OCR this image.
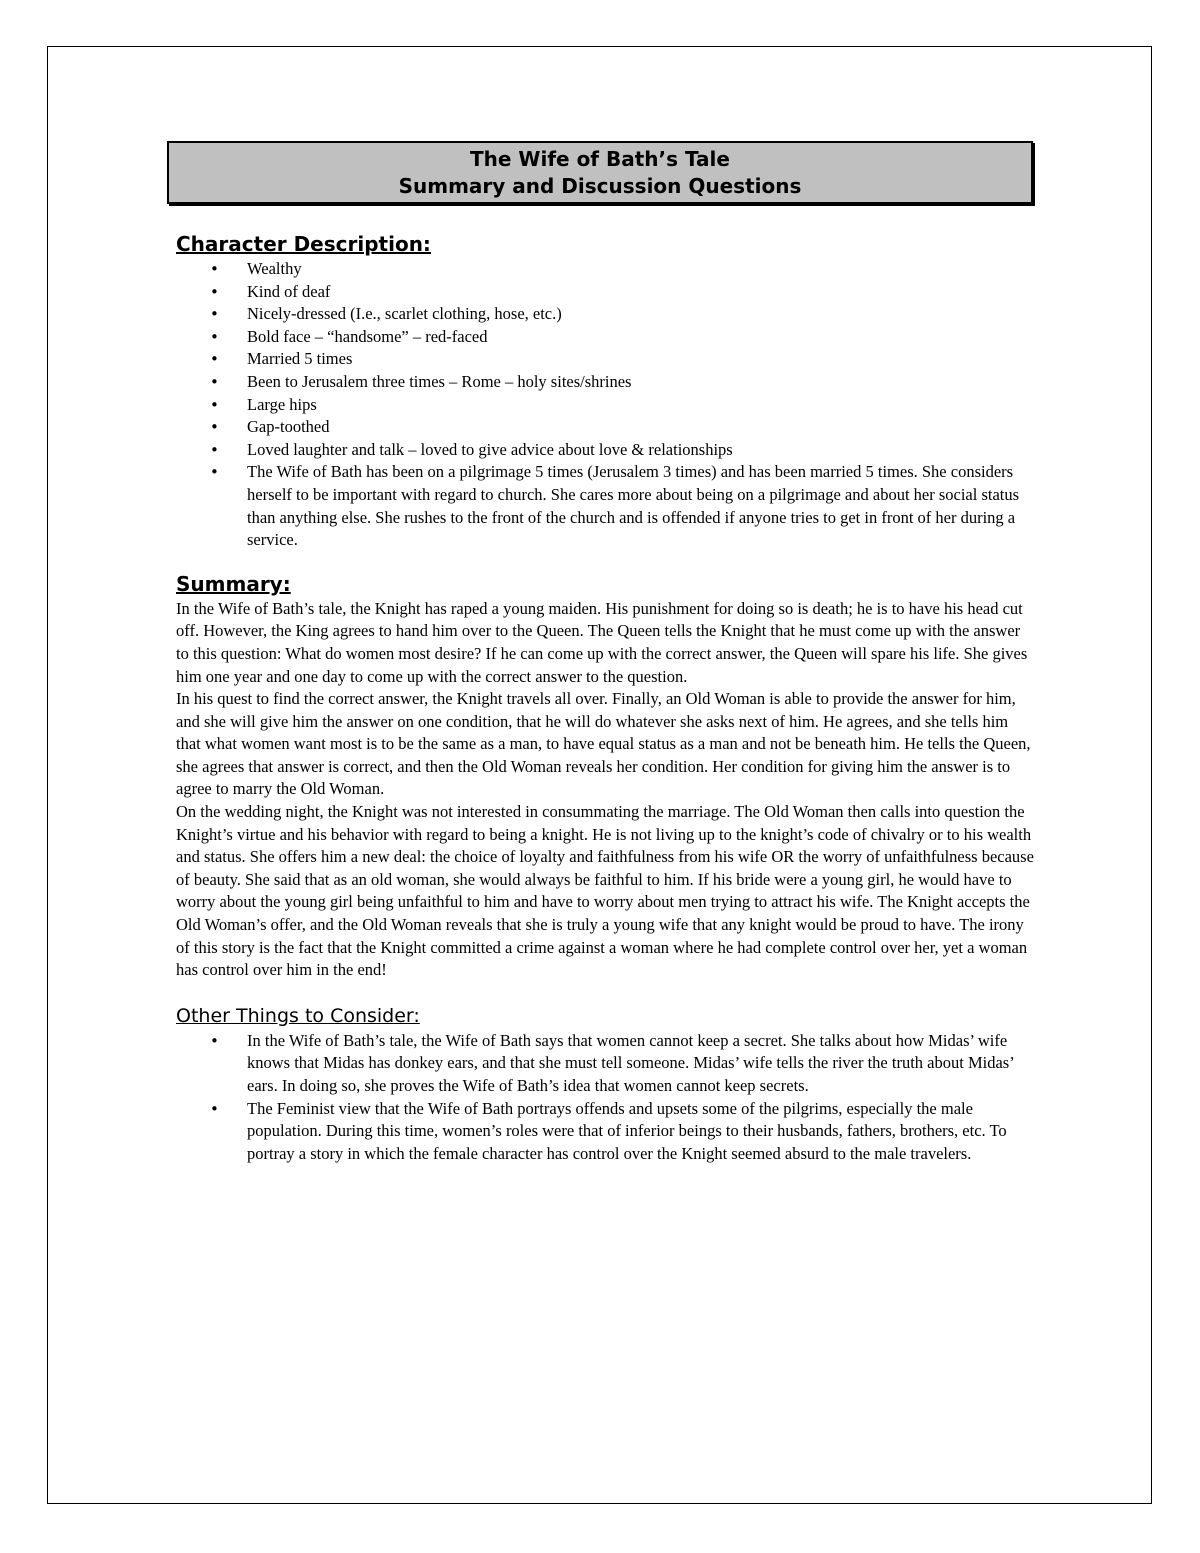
The Wife of Bath’s Tale
Summary and Discussion Questions
Character Description:
• Wealthy
• Kind of deaf
• Nicely-dressed (I.e., scarlet clothing, hose, etc.)
• Bold face – “handsome” – red-faced
• Married 5 times
• Been to Jerusalem three times – Rome – holy sites/shrines
• Large hips
• Gap-toothed
• Loved laughter and talk – loved to give advice about love & relationships
• The Wife of Bath has been on a pilgrimage 5 times (Jerusalem 3 times) and has been married 5 times. She considers herself to be important with regard to church. She cares more about being on a pilgrimage and about her social status than anything else. She rushes to the front of the church and is offended if anyone tries to get in front of her during a service.
Summary:

In the Wife of Bath’s tale, the Knight has raped a young maiden. His punishment for doing so is death; he is to have his head cut off. However, the King agrees to hand him over to the Queen. The Queen tells the Knight that he must come up with the answer to this question: What do women most desire? If he can come up with the correct answer, the Queen will spare his life. She gives him one year and one day to come up with the correct answer to the question.

In his quest to find the correct answer, the Knight travels all over. Finally, an Old Woman is able to provide the answer for him, and she will give him the answer on one condition, that he will do whatever she asks next of him. He agrees, and she tells him that what women want most is to be the same as a man, to have equal status as a man and not be beneath him. He tells the Queen, she agrees that answer is correct, and then the Old Woman reveals her condition. Her condition for giving him the answer is to agree to marry the Old Woman.

On the wedding night, the Knight was not interested in consummating the marriage. The Old Woman then calls into question the Knight’s virtue and his behavior with regard to being a knight. He is not living up to the knight’s code of chivalry or to his wealth and status. She offers him a new deal: the choice of loyalty and faithfulness from his wife OR the worry of unfaithfulness because of beauty. She said that as an old woman, she would always be faithful to him. If his bride were a young girl, he would have to worry about the young girl being unfaithful to him and have to worry about men trying to attract his wife. The Knight accepts the Old Woman’s offer, and the Old Woman reveals that she is truly a young wife that any knight would be proud to have. The irony of this story is the fact that the Knight committed a crime against a woman where he had complete control over her, yet a woman has control over him in the end!

Other Things to Consider:
• In the Wife of Bath’s tale, the Wife of Bath says that women cannot keep a secret. She talks about how Midas’ wife knows that Midas has donkey ears, and that she must tell someone. Midas’ wife tells the river the truth about Midas’ ears. In doing so, she proves the Wife of Bath’s idea that women cannot keep secrets.
• The Feminist view that the Wife of Bath portrays offends and upsets some of the pilgrims, especially the male population. During this time, women’s roles were that of inferior beings to their husbands, fathers, brothers, etc. To portray a story in which the female character has control over the Knight seemed absurd to the male travelers.
